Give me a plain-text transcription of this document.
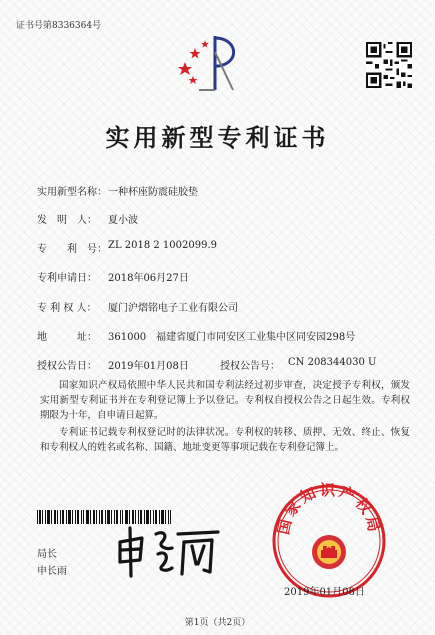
证书号第8336364号
实用新型专利证书
实用新型名称： 一种杯座防震硅胶垫
发　明　人： 夏小波
专　　利　号： ZL 2018 2 1002099.9
专利申请日： 2018年06月27日
专 利 权 人： 厦门沪熠铭电子工业有限公司
地　　　址： 361000　福建省厦门市同安区工业集中区同安园298号
授权公告日： 2019年01月08日	授权公告号： CN 208344030 U
国家知识产权局依照中华人民共和国专利法经过初步审查，决定授予专利权，颁发实用新型专利证书并在专利登记簿上予以登记。专利权自授权公告之日起生效。专利权期限为十年，自申请日起算。
专利证书记载专利权登记时的法律状况。专利权的转移、质押、无效、终止、恢复和专利权人的姓名或名称、国籍、地址变更等事项记载在专利登记簿上。
局长
申长雨
国家知识产权局
2019年01月08日
第1页（共2页）
